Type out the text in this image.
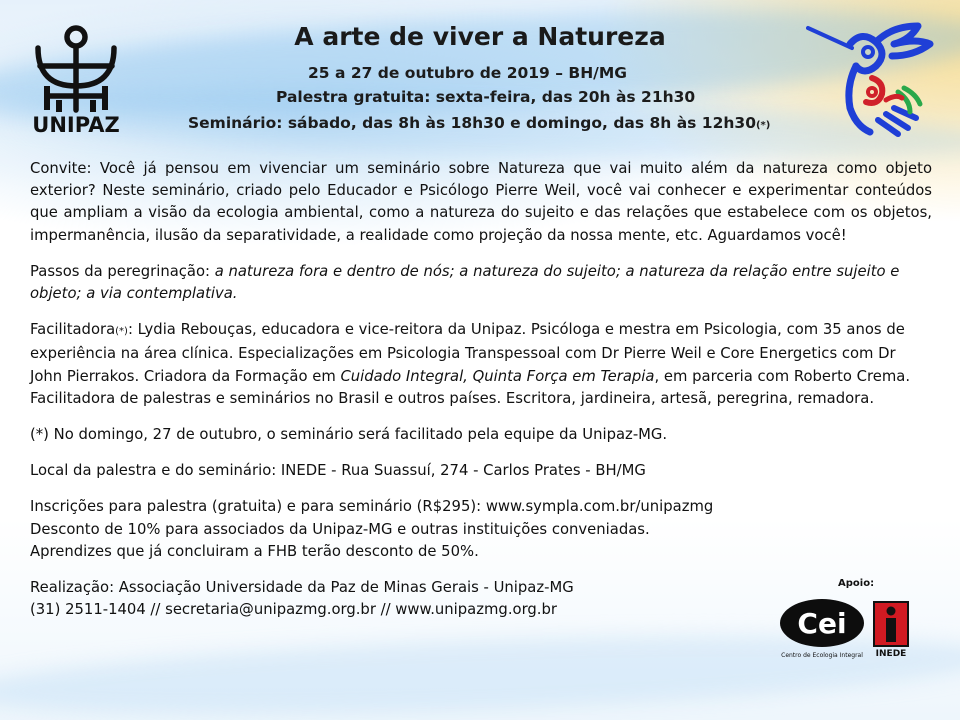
UNIPAZ
A arte de viver a Natureza
25 a 27 de outubro de 2019 – BH/MG
Palestra gratuita: sexta-feira, das 20h às 21h30
Seminário: sábado, das 8h às 18h30 e domingo, das 8h às 12h30(*)

Convite: Você já pensou em vivenciar um seminário sobre Natureza que vai muito além da natureza como objeto exterior? Neste seminário, criado pelo Educador e Psicólogo Pierre Weil, você vai conhecer e experimentar conteúdos que ampliam a visão da ecologia ambiental, como a natureza do sujeito e das relações que estabelece com os objetos, impermanência, ilusão da separatividade, a realidade como projeção da nossa mente, etc. Aguardamos você!

Passos da peregrinação: a natureza fora e dentro de nós; a natureza do sujeito; a natureza da relação entre sujeito e objeto; a via contemplativa.

Facilitadora(*): Lydia Rebouças, educadora e vice-reitora da Unipaz. Psicóloga e mestra em Psicologia, com 35 anos de experiência na área clínica. Especializações em Psicologia Transpessoal com Dr Pierre Weil e Core Energetics com Dr John Pierrakos. Criadora da Formação em Cuidado Integral, Quinta Força em Terapia, em parceria com Roberto Crema. Facilitadora de palestras e seminários no Brasil e outros países. Escritora, jardineira, artesã, peregrina, remadora.

(*) No domingo, 27 de outubro, o seminário será facilitado pela equipe da Unipaz-MG.

Local da palestra e do seminário: INEDE - Rua Suassuí, 274 - Carlos Prates - BH/MG

Inscrições para palestra (gratuita) e para seminário (R$295): www.sympla.com.br/unipazmg
Desconto de 10% para associados da Unipaz-MG e outras instituições conveniadas.
Aprendizes que já concluiram a FHB terão desconto de 50%.

Realização: Associação Universidade da Paz de Minas Gerais - Unipaz-MG
(31) 2511-1404 // secretaria@unipazmg.org.br // www.unipazmg.org.br

Apoio:
Cei
Centro de Ecologia Integral INEDE
